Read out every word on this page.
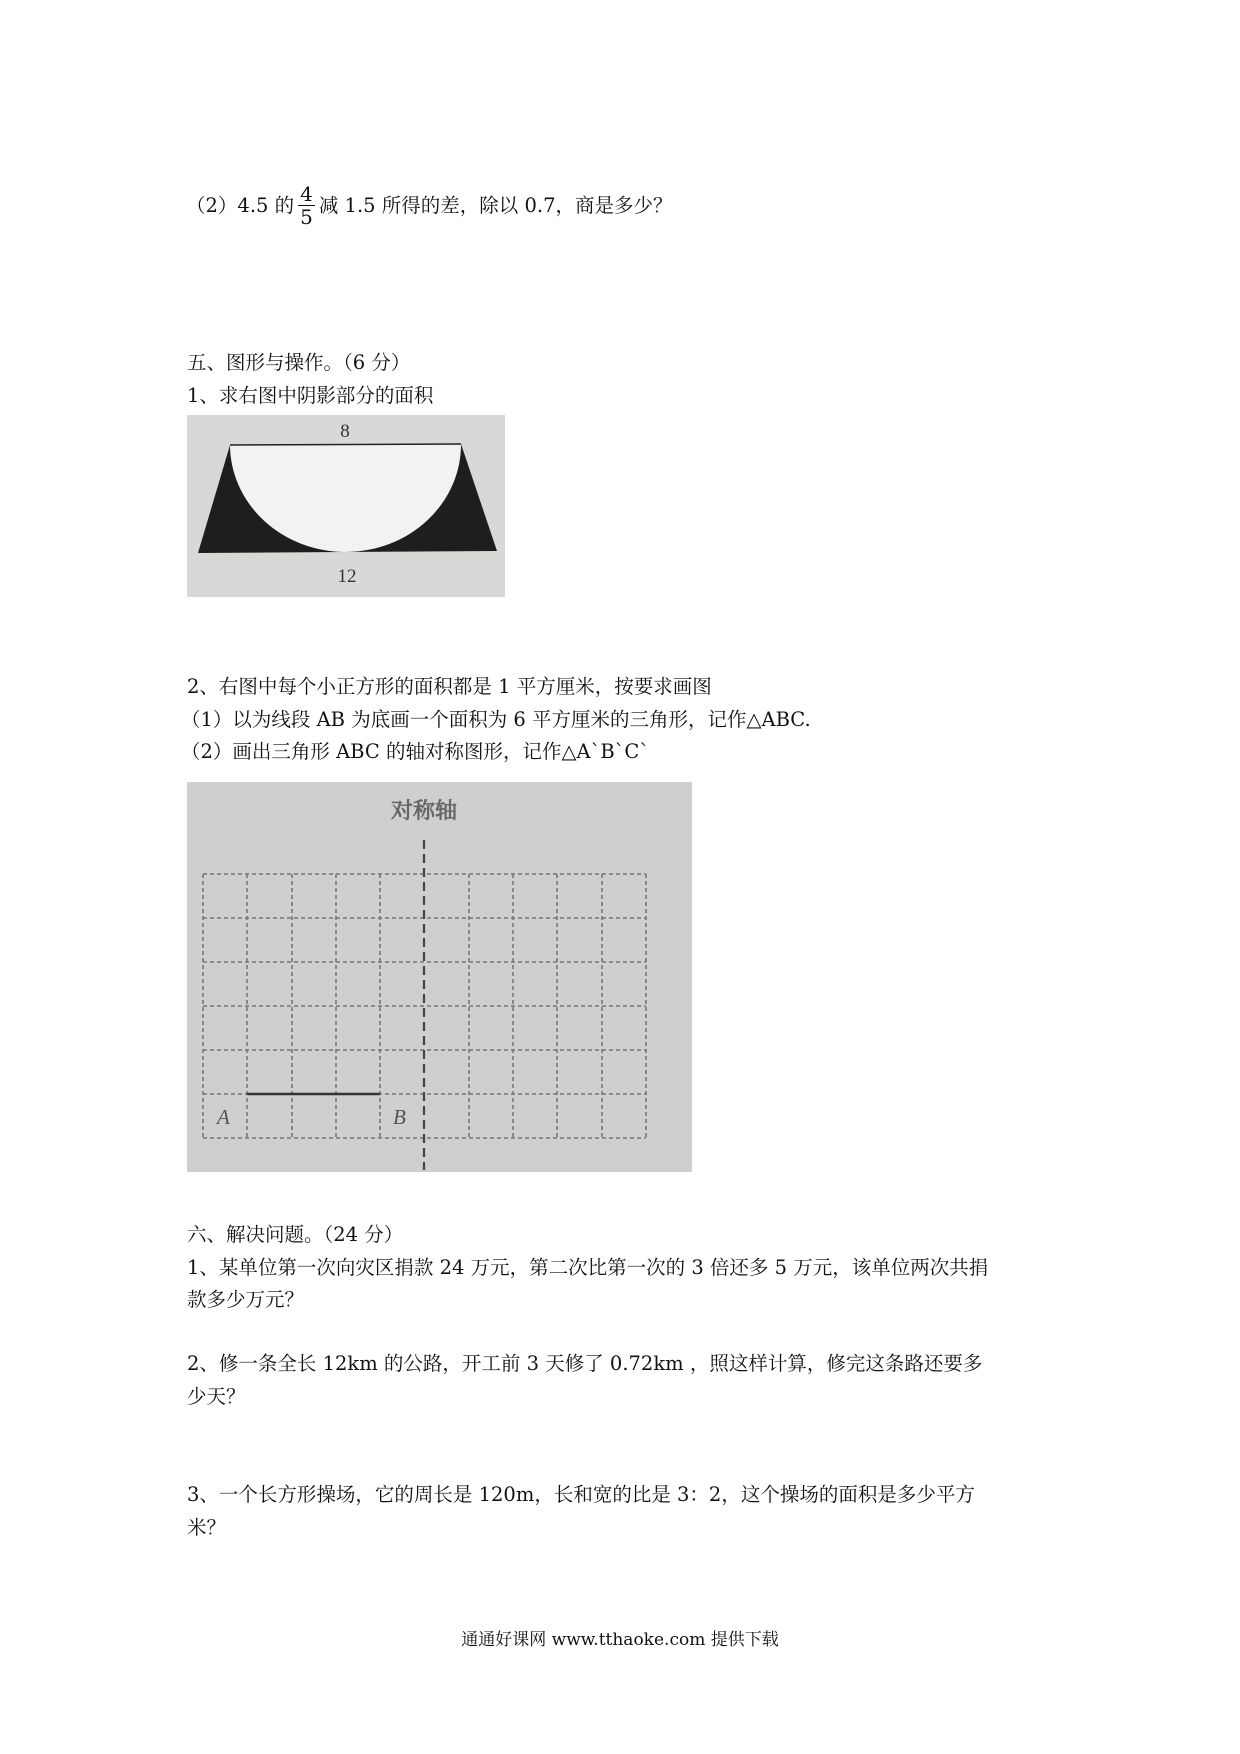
（2）4.5 的 $\frac{4}{5}$ 减 1.5 所得的差，除以 0.7，商是多少？
五、图形与操作。（6 分）
1、求右图中阴影部分的面积
8
12
2、右图中每个小正方形的面积都是 1 平方厘米，按要求画图
（1）以为线段 AB 为底画一个面积为 6 平方厘米的三角形，记作△ABC.
（2）画出三角形 ABC 的轴对称图形，记作△A`B`C`
对称轴
A	B
六、解决问题。（24 分）
1、某单位第一次向灾区捐款 24 万元，第二次比第一次的 3 倍还多 5 万元，该单位两次共捐
款多少万元？
2、修一条全长 12km 的公路，开工前 3 天修了 0.72km ，照这样计算，修完这条路还要多
少天？
3、一个长方形操场，它的周长是 120m，长和宽的比是 3：2，这个操场的面积是多少平方
米？
通通好课网 www.tthaoke.com 提供下载
